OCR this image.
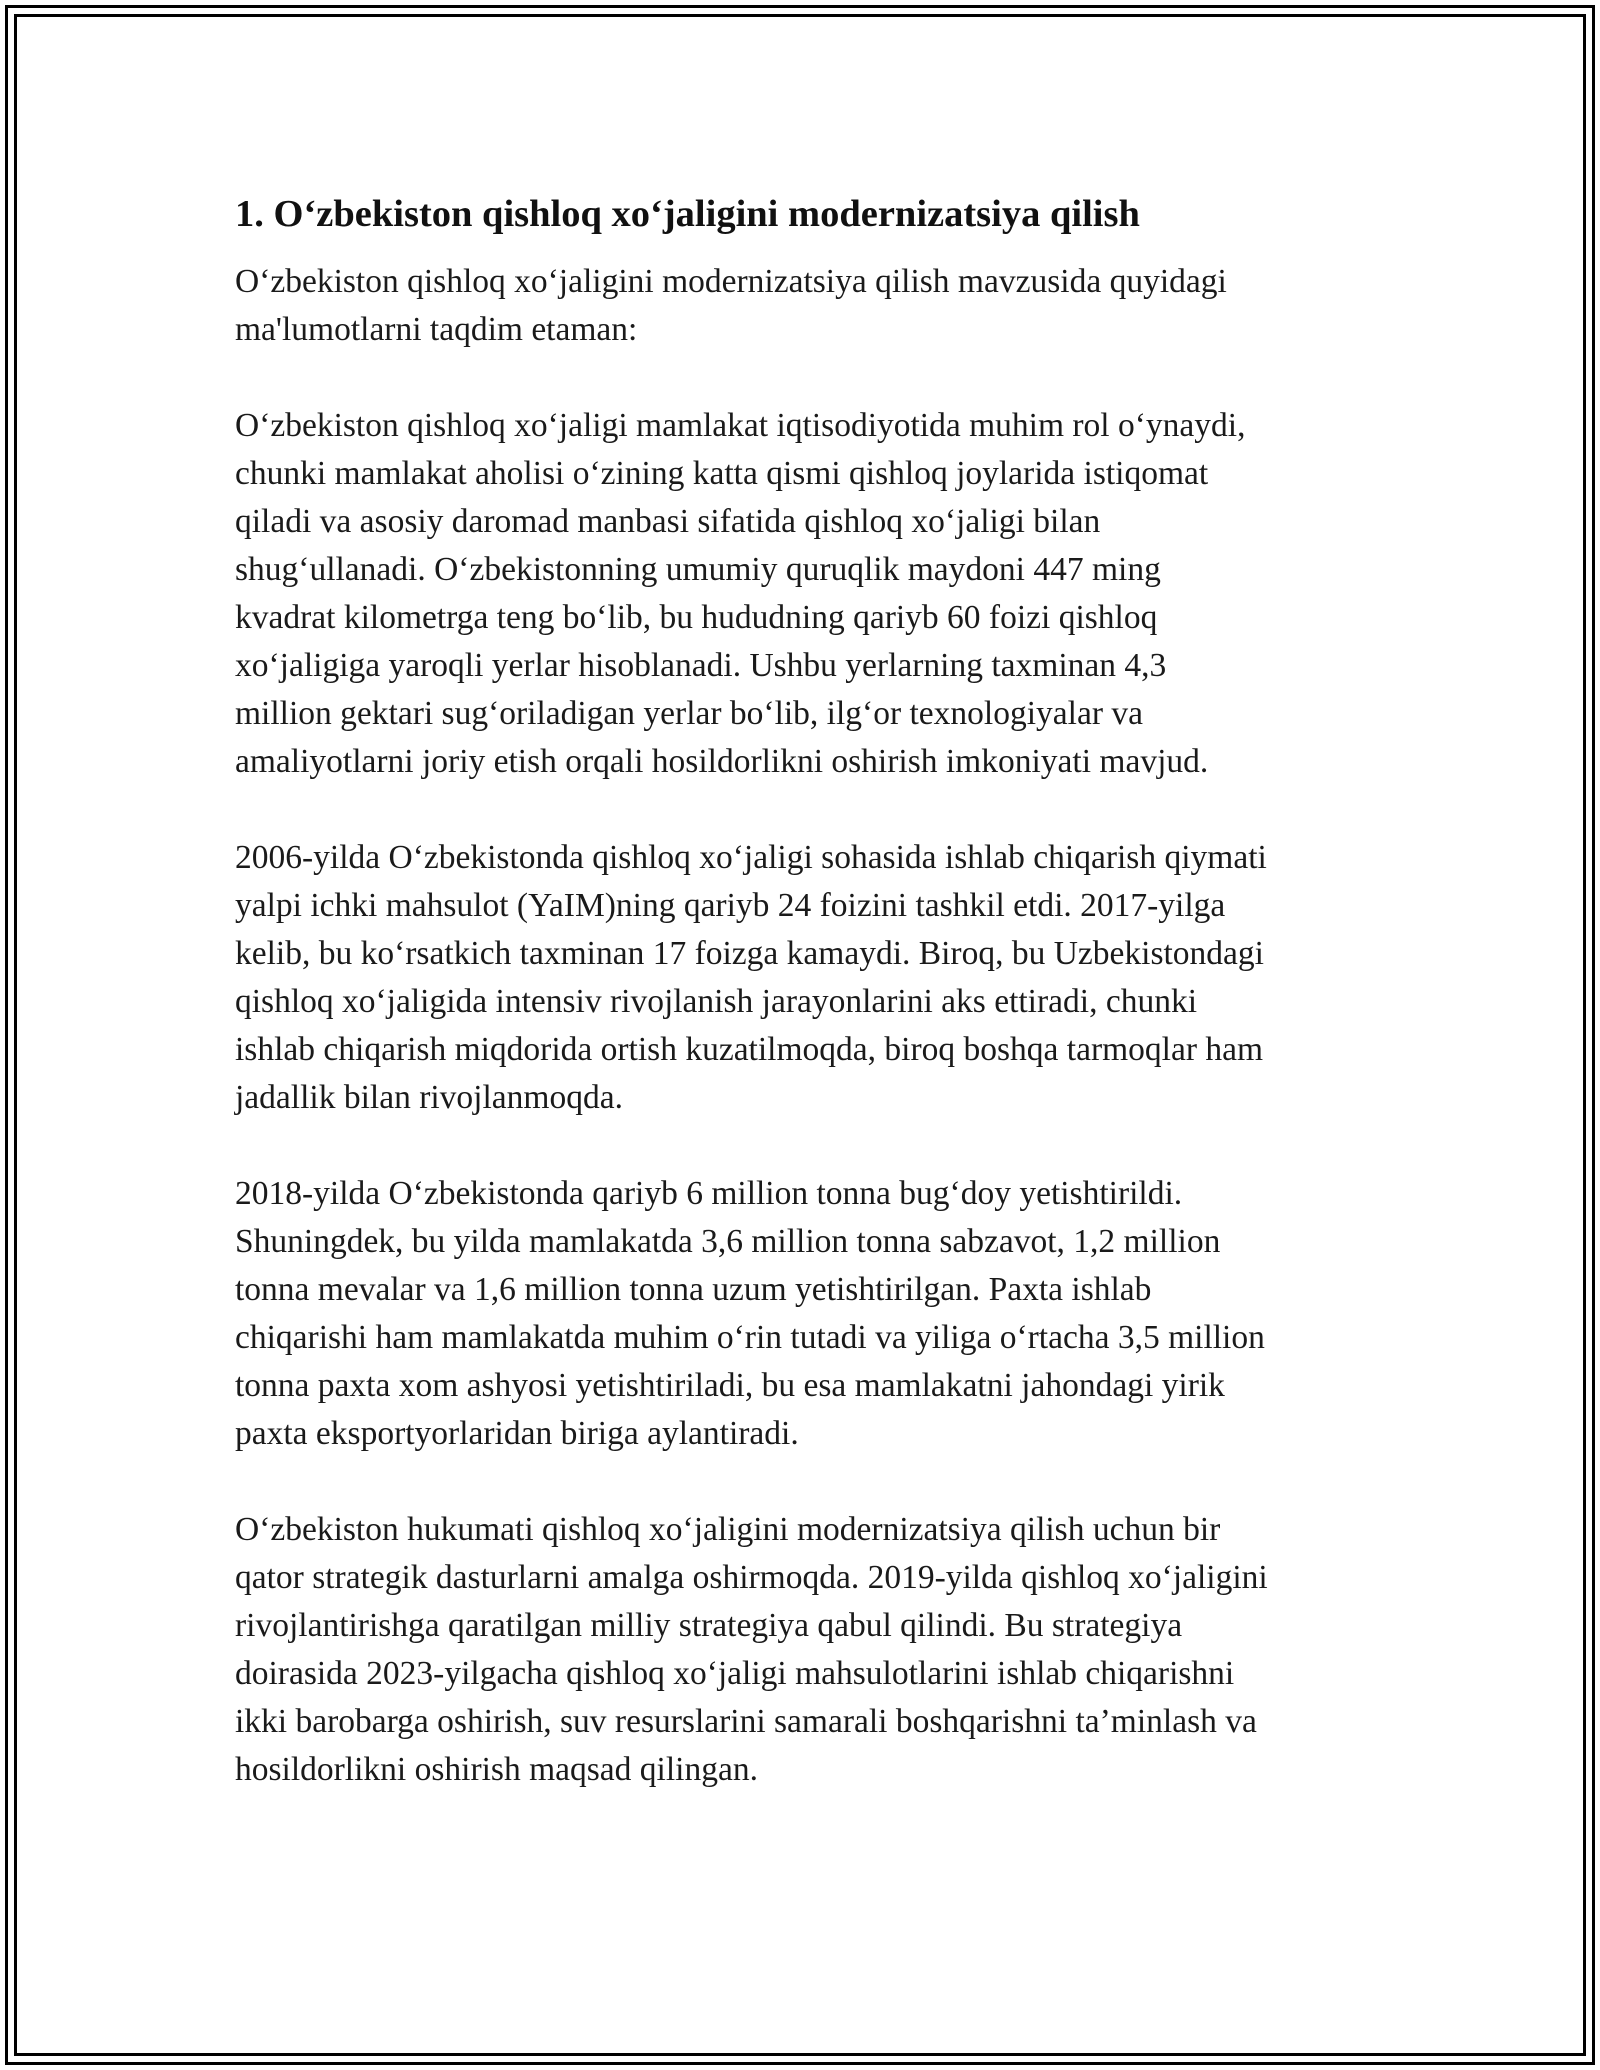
1. O‘zbekiston qishloq xo‘jaligini modernizatsiya qilish

O‘zbekiston qishloq xo‘jaligini modernizatsiya qilish mavzusida quyidagi
ma'lumotlarni taqdim etaman:

O‘zbekiston qishloq xo‘jaligi mamlakat iqtisodiyotida muhim rol o‘ynaydi,
chunki mamlakat aholisi o‘zining katta qismi qishloq joylarida istiqomat
qiladi va asosiy daromad manbasi sifatida qishloq xo‘jaligi bilan
shug‘ullanadi. O‘zbekistonning umumiy quruqlik maydoni 447 ming
kvadrat kilometrga teng bo‘lib, bu hududning qariyb 60 foizi qishloq
xo‘jaligiga yaroqli yerlar hisoblanadi. Ushbu yerlarning taxminan 4,3
million gektari sug‘oriladigan yerlar bo‘lib, ilg‘or texnologiyalar va
amaliyotlarni joriy etish orqali hosildorlikni oshirish imkoniyati mavjud.

2006-yilda O‘zbekistonda qishloq xo‘jaligi sohasida ishlab chiqarish qiymati
yalpi ichki mahsulot (YaIM)ning qariyb 24 foizini tashkil etdi. 2017-yilga
kelib, bu ko‘rsatkich taxminan 17 foizga kamaydi. Biroq, bu Uzbekistondagi
qishloq xo‘jaligida intensiv rivojlanish jarayonlarini aks ettiradi, chunki
ishlab chiqarish miqdorida ortish kuzatilmoqda, biroq boshqa tarmoqlar ham
jadallik bilan rivojlanmoqda.

2018-yilda O‘zbekistonda qariyb 6 million tonna bug‘doy yetishtirildi.
Shuningdek, bu yilda mamlakatda 3,6 million tonna sabzavot, 1,2 million
tonna mevalar va 1,6 million tonna uzum yetishtirilgan. Paxta ishlab
chiqarishi ham mamlakatda muhim o‘rin tutadi va yiliga o‘rtacha 3,5 million
tonna paxta xom ashyosi yetishtiriladi, bu esa mamlakatni jahondagi yirik
paxta eksportyorlaridan biriga aylantiradi.

O‘zbekiston hukumati qishloq xo‘jaligini modernizatsiya qilish uchun bir
qator strategik dasturlarni amalga oshirmoqda. 2019-yilda qishloq xo‘jaligini
rivojlantirishga qaratilgan milliy strategiya qabul qilindi. Bu strategiya
doirasida 2023-yilgacha qishloq xo‘jaligi mahsulotlarini ishlab chiqarishni
ikki barobarga oshirish, suv resurslarini samarali boshqarishni ta’minlash va
hosildorlikni oshirish maqsad qilingan.
